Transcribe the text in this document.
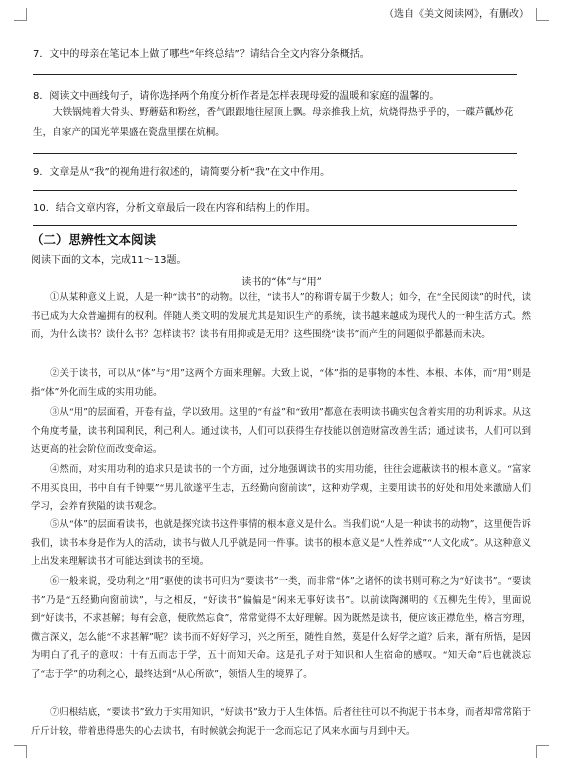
（选自《美文阅读网》，有删改）
7．文中的母亲在笔记本上做了哪些“年终总结”？请结合全文内容分条概括。
8．阅读文中画线句子，请你选择两个角度分析作者是怎样表现母爱的温暖和家庭的温馨的。
大铁锅炖着大骨头、野蘑菇和粉丝，香气跟跟地往屋顶上飘。母亲推我上炕，炕烧得热乎乎的，一碟芦瓤炒花生，自家产的国光苹果盛在瓷盘里摆在炕桐。
9．文章是从“我”的视角进行叙述的，请简要分析“我”在文中作用。
10．结合文章内容，分析文章最后一段在内容和结构上的作用。
（二）思辨性文本阅读
阅读下面的文本，完成11～13题。
读书的“体”与“用”
①从某种意义上说，人是一种“读书”的动物。以往，“读书人”的称谓专属于少数人；如今，在“全民阅读”的时代，读书已成为大众普遍拥有的权利。伴随人类文明的发展尤其是知识生产的系统，读书越来越成为现代人的一种生活方式。然而，为什么读书？读什么书？怎样读书？读书有用抑或是无用？这些围绕“读书”而产生的问题似乎都悬而未决。
②关于读书，可以从“体”与“用”这两个方面来理解。大致上说，“体”指的是事物的本性、本根、本体，而“用”则是指“体”外化而生成的实用功能。
③从“用”的层面看，开卷有益，学以致用。这里的“有益”和“致用”都意在表明读书确实包含着实用的功利诉求。从这个角度考量，读书利国利民，利己利人。通过读书，人们可以获得生存技能以创造财富改善生活；通过读书，人们可以到达更高的社会阶位而改变命运。
④然而，对实用功利的追求只是读书的一个方面，过分地强调读书的实用功能，往往会遮蔽读书的根本意义。“富家不用买良田，书中自有千钟粟”“男儿欲遂平生志，五经勤向窗前读”，这种劝学观，主要用读书的好处和用处来激励人们学习，会养育狭隘的读书观念。
⑤从“体”的层面看读书，也就是探究读书这件事情的根本意义是什么。当我们说“人是一种读书的动物”，这里便告诉我们，读书本身是作为人的活动，读书与做人几乎就是同一件事。读书的根本意义是“人性养成”“人文化成”。从这种意义上出发来理解读书才可能达到读书的至境。
⑥一般来说，受功利之“用”驱使的读书可归为“要读书”一类，而非常“体”之诸怀的读书则可称之为“好读书”。“要读书”乃是“五经勤向窗前读”，与之相反，“好读书”偏偏是“闲来无事好读书”。以前读陶渊明的《五柳先生传》，里面说到“好读书，不求甚解；每有会意，便欣然忘食”，常常觉得不太好理解。因为既然是读书，便应该正襟危坐，格言穷理，微言深义，怎么能“不求甚解”呢？读书而不好好学习，兴之所至，随性自然，莫是什么好学之道？后来，渐有所悟，是因为明白了孔子的意叹：十有五而志于学，五十而知天命。这是孔子对于知识和人生宿命的感叹。“知天命”后也就淡忘了“志于学”的功利之心，最终达到“从心所欲”，领悟人生的境界了。
⑦归根结底，“要读书”致力于实用知识，“好读书”致力于人生体悟。后者往往可以不拘泥于书本身，而者却常常陷于斤斤计较，带着患得患失的心去读书，有时候就会拘泥于一念而忘记了风来水面与月到中天。
